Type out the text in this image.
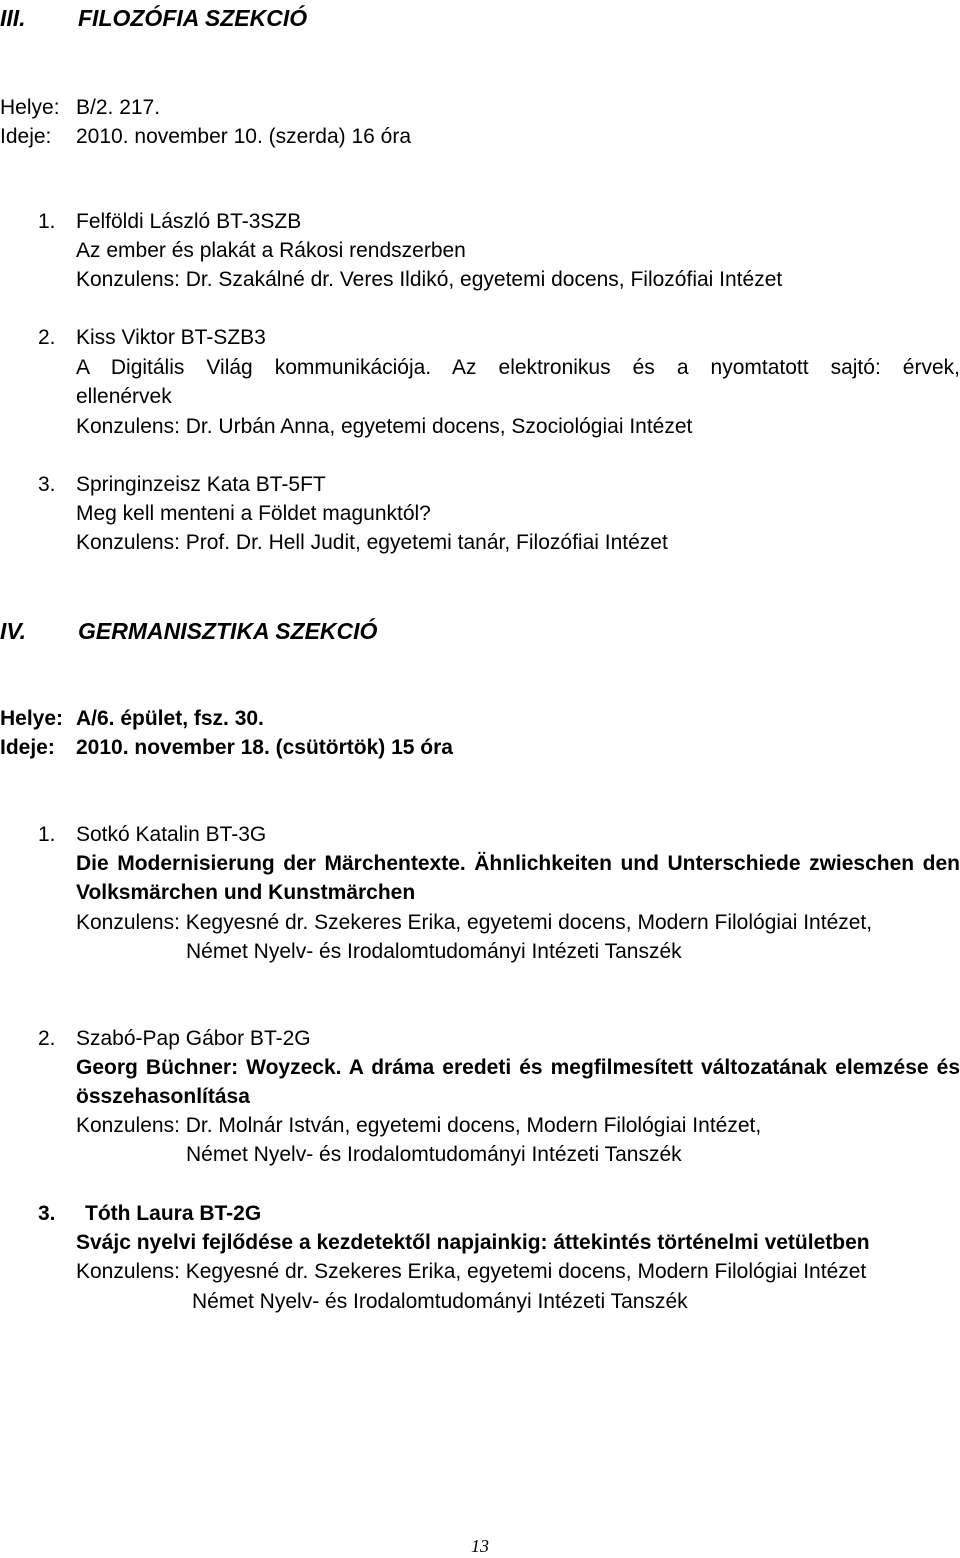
III. FILOZÓFIA SZEKCIÓ
Helye: B/2. 217.
Ideje: 2010. november 10. (szerda) 16 óra
1. Felföldi László BT-3SZB
Az ember és plakát a Rákosi rendszerben
Konzulens: Dr. Szakálné dr. Veres Ildikó, egyetemi docens, Filozófiai Intézet
2. Kiss Viktor BT-SZB3
A Digitális Világ kommunikációja. Az elektronikus és a nyomtatott sajtó: érvek,
ellenérvek
Konzulens: Dr. Urbán Anna, egyetemi docens, Szociológiai Intézet
3. Springinzeisz Kata BT-5FT
Meg kell menteni a Földet magunktól?
Konzulens: Prof. Dr. Hell Judit, egyetemi tanár, Filozófiai Intézet
IV. GERMANISZTIKA SZEKCIÓ
Helye: A/6. épület, fsz. 30.
Ideje: 2010. november 18. (csütörtök) 15 óra
1. Sotkó Katalin BT-3G
Die Modernisierung der Märchentexte. Ähnlichkeiten und Unterschiede zwieschen den
Volksmärchen und Kunstmärchen
Konzulens: Kegyesné dr. Szekeres Erika, egyetemi docens, Modern Filológiai Intézet,
Német Nyelv- és Irodalomtudományi Intézeti Tanszék
2. Szabó-Pap Gábor BT-2G
Georg Büchner: Woyzeck. A dráma eredeti és megfilmesített változatának elemzése és
összehasonlítása
Konzulens: Dr. Molnár István, egyetemi docens, Modern Filológiai Intézet,
Német Nyelv- és Irodalomtudományi Intézeti Tanszék
3. Tóth Laura BT-2G
Svájc nyelvi fejlődése a kezdetektől napjainkig: áttekintés történelmi vetületben
Konzulens: Kegyesné dr. Szekeres Erika, egyetemi docens, Modern Filológiai Intézet
Német Nyelv- és Irodalomtudományi Intézeti Tanszék
13
